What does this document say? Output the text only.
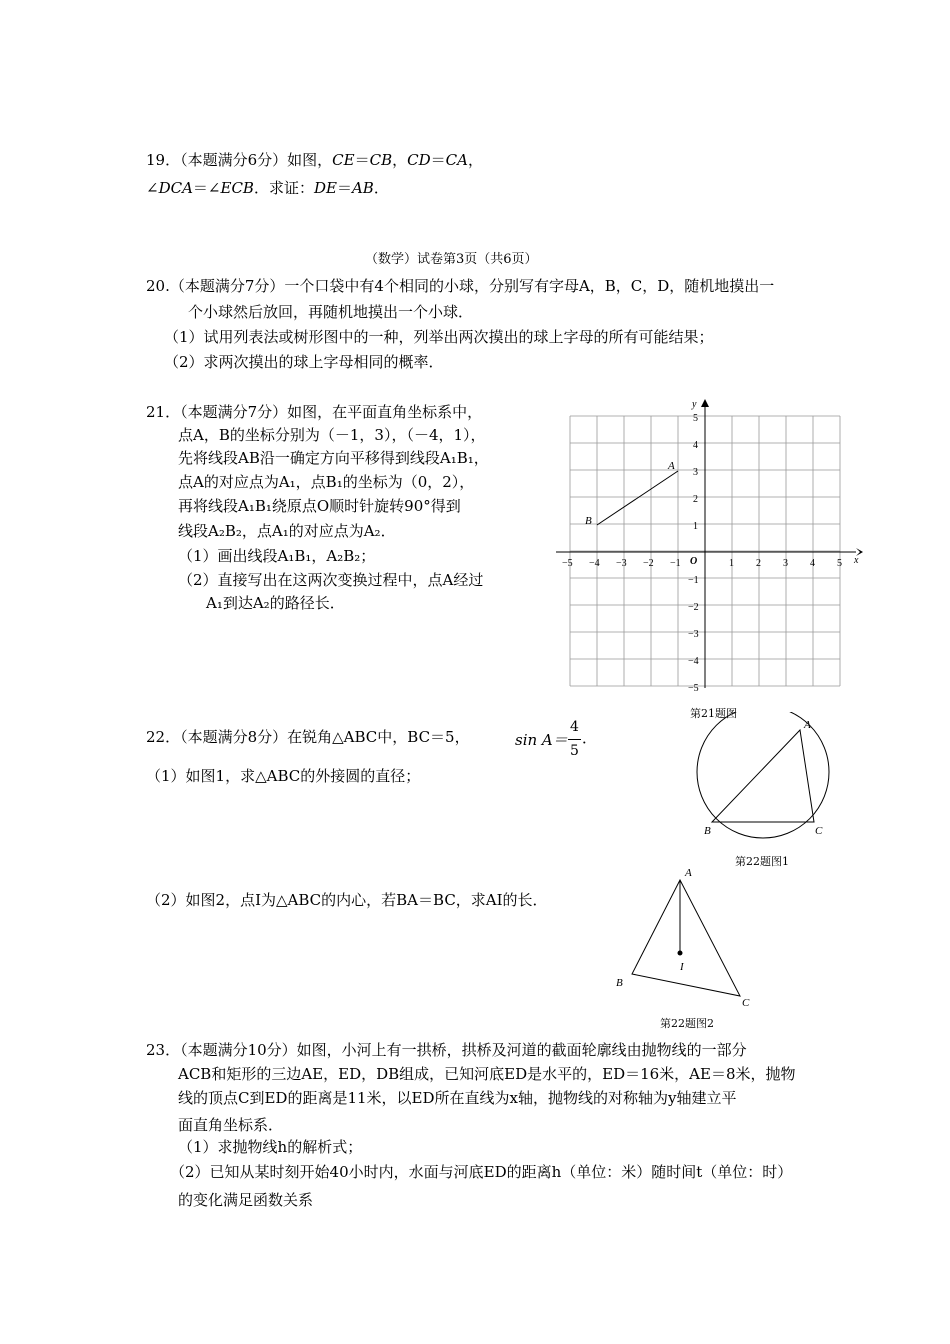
19．（本题满分6分）如图，CE＝CB，CD＝CA，
∠DCA＝∠ECB．求证：DE＝AB．
（数学）试卷第3页（共6页）
20.（本题满分7分）一个口袋中有4个相同的小球，分别写有字母A，B，C，D，随机地摸出一
个小球然后放回，再随机地摸出一个小球．
（1）试用列表法或树形图中的一种，列举出两次摸出的球上字母的所有可能结果；
（2）求两次摸出的球上字母相同的概率．
21．（本题满分7分）如图，在平面直角坐标系中，
点A，B的坐标分别为（－1，3），（－4，1），
先将线段AB沿一确定方向平移得到线段A₁B₁，
点A的对应点为A₁，点B₁的坐标为（0，2），
再将线段A₁B₁绕原点O顺时针旋转90°得到
线段A₂B₂，点A₁的对应点为A₂．
（1）画出线段A₁B₁，A₂B₂；
（2）直接写出在这两次变换过程中，点A经过
A₁到达A₂的路径长．
x
y
O
−5 −4 −3 −2 −1	1 2 3 4 5
5
4
3
2
1
−1
−2
−3
−4
−5
A
B
第21题图
22．（本题满分8分）在锐角△ABC中，BC＝5，	sin A＝
4
5
．
（1）如图1，求△ABC的外接圆的直径；
A
B	C
第22题图1
（2）如图2，点I为△ABC的内心，若BA＝BC，求AI的长．
A
B
C
I
第22题图2
23．（本题满分10分）如图，小河上有一拱桥，拱桥及河道的截面轮廓线由抛物线的一部分
ACB和矩形的三边AE，ED，DB组成，已知河底ED是水平的，ED＝16米，AE＝8米，抛物
线的顶点C到ED的距离是11米，以ED所在直线为x轴，抛物线的对称轴为y轴建立平
面直角坐标系．
（1）求抛物线h的解析式；
（2）已知从某时刻开始40小时内，水面与河底ED的距离h（单位：米）随时间t（单位：时）
的变化满足函数关系
